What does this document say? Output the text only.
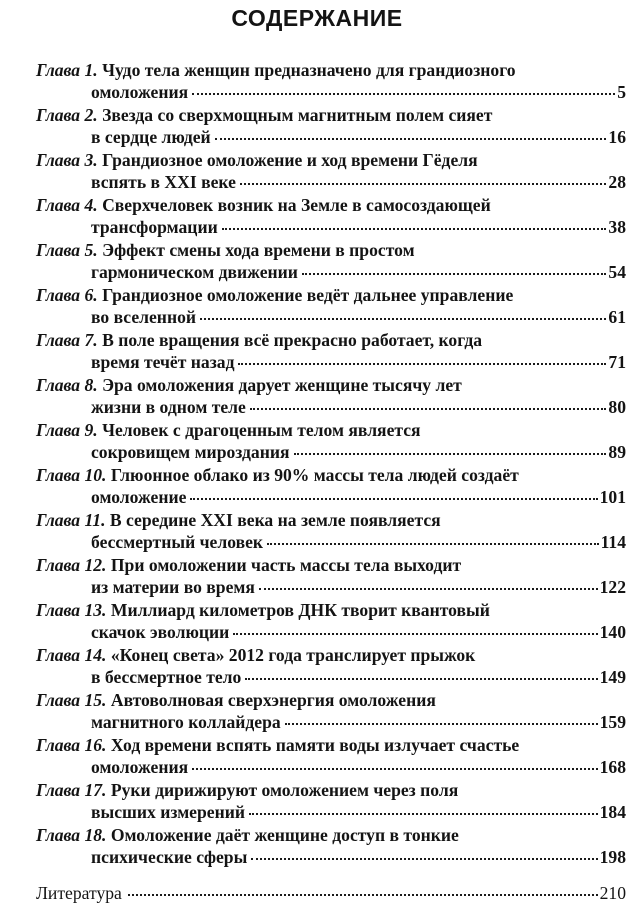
СОДЕРЖАНИЕ
Глава 1. Чудо тела женщин предназначено для грандиозного
омоложения	5
Глава 2. Звезда со сверхмощным магнитным полем сияет
в сердце людей	16
Глава 3. Грандиозное омоложение и ход времени Гёделя
вспять в XXI веке	28
Глава 4. Сверхчеловек возник на Земле в самосоздающей
трансформации	38
Глава 5. Эффект смены хода времени в простом
гармоническом движении	54
Глава 6. Грандиозное омоложение ведёт дальнее управление
во вселенной	61
Глава 7. В поле вращения всё прекрасно работает, когда
время течёт назад	71
Глава 8. Эра омоложения дарует женщине тысячу лет
жизни в одном теле	80
Глава 9. Человек с драгоценным телом является
сокровищем мироздания	89
Глава 10. Глюонное облако из 90% массы тела людей создаёт
омоложение	101
Глава 11. В середине XXI века на земле появляется
бессмертный человек	114
Глава 12. При омоложении часть массы тела выходит
из материи во время	122
Глава 13. Миллиард километров ДНК творит квантовый
скачок эволюции	140
Глава 14. «Конец света» 2012 года транслирует прыжок
в бессмертное тело	149
Глава 15. Автоволновая сверхэнергия омоложения
магнитного коллайдера	159
Глава 16. Ход времени вспять памяти воды излучает счастье
омоложения	168
Глава 17. Руки дирижируют омоложением через поля
высших измерений	184
Глава 18. Омоложение даёт женщине доступ в тонкие
психические сферы	198
Литература	210
